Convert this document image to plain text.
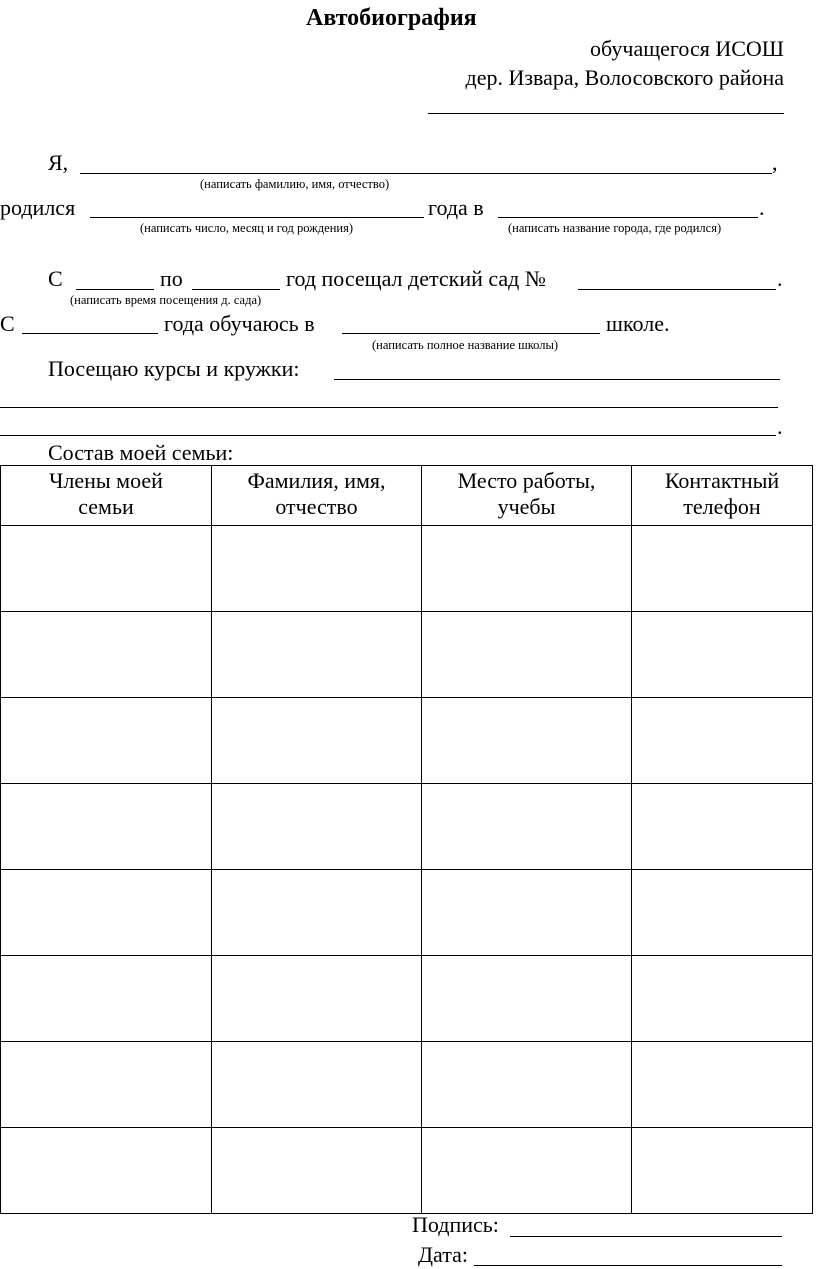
Автобиография
обучащегося ИСОШ
дер. Извара, Волосовского района
Я,	,
(написать фамилию, имя, отчество)
родился	года в	.
(написать число, месяц и год рождения)	(написать название города, где родился)
С	по	год посещал детский сад №	.
(написать время посещения д. сада)
С	года обучаюсь в	школе.
(написать полное название школы)
Посещаю курсы и кружки:
.
Состав моей семьи:
Члены моей семьи	Фамилия, имя, отчество	Место работы, учебы	Контактный телефон

Подпись:
Дата:
